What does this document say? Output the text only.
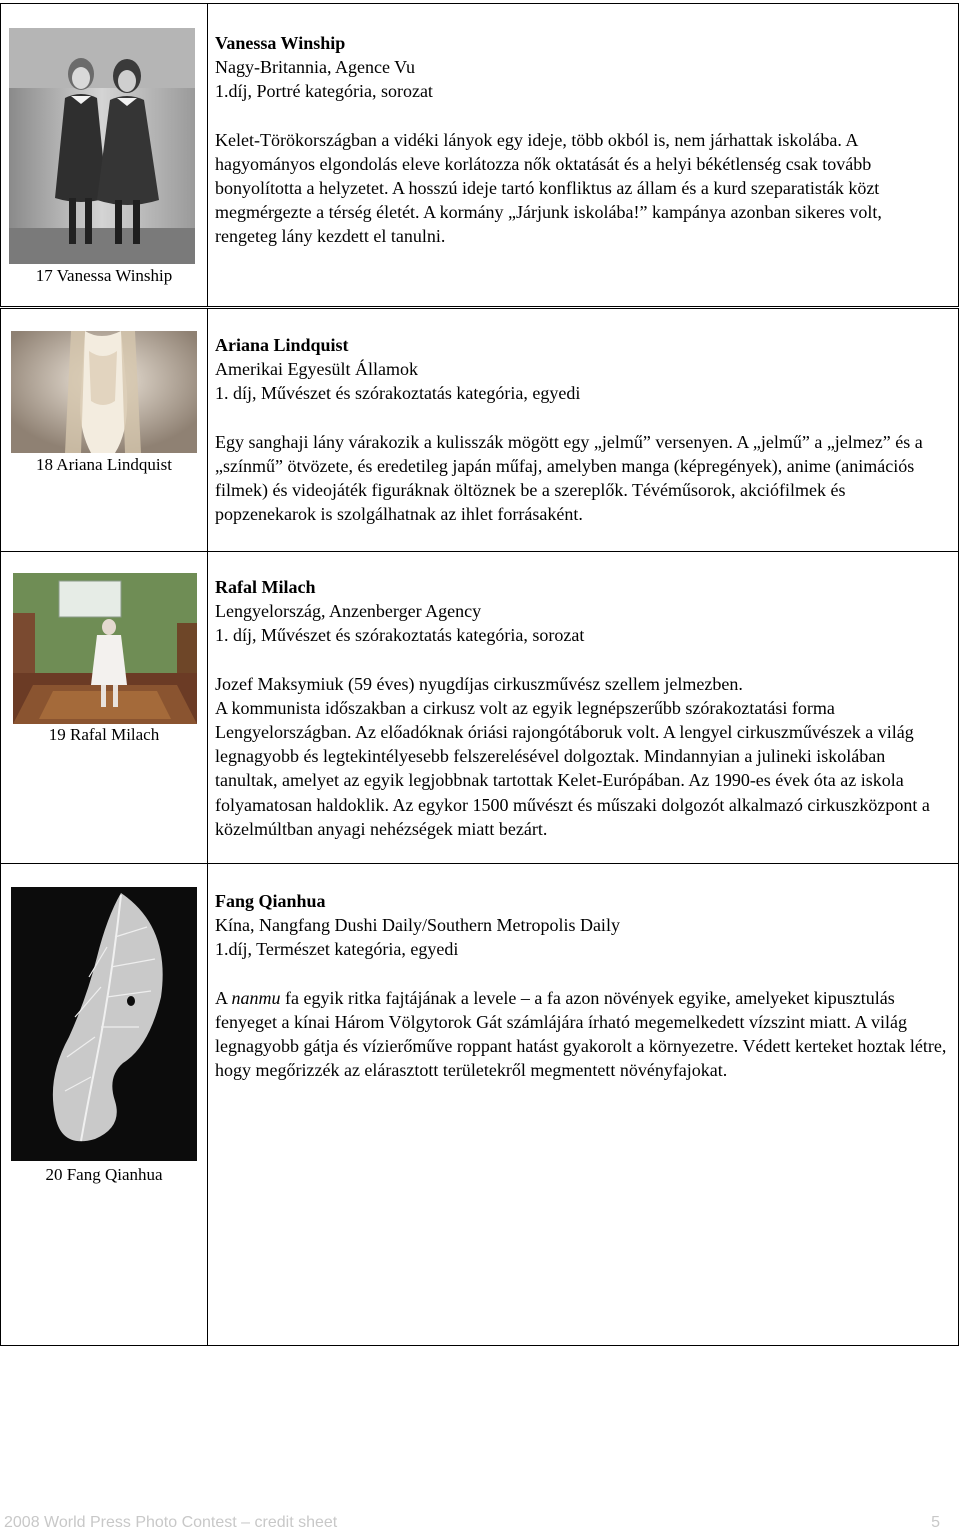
17 Vanessa Winship

Vanessa Winship

Nagy-Britannia, Agence Vu

1.díj, Portré kategória, sorozat

Kelet-Törökországban a vidéki lányok egy ideje, több okból is, nem járhattak iskolába. A hagyományos elgondolás eleve korlátozza nők oktatását és a helyi békétlenség csak tovább bonyolította a helyzetet. A hosszú ideje tartó konfliktus az állam és a kurd szeparatisták közt megmérgezte a térség életét. A kormány „Járjunk iskolába!” kampánya azonban sikeres volt, rengeteg lány kezdett el tanulni.

18 Ariana Lindquist

Ariana Lindquist

Amerikai Egyesült Államok

1. díj, Művészet és szórakoztatás kategória, egyedi

Egy sanghaji lány várakozik a kulisszák mögött egy „jelmű” versenyen. A „jelmű” a „jelmez” és a „színmű” ötvözete, és eredetileg japán műfaj, amelyben manga (képregények), anime (animációs filmek) és videojáték figuráknak öltöznek be a szereplők. Tévéműsorok, akciófilmek és popzenekarok is szolgálhatnak az ihlet forrásaként.

19 Rafal Milach

Rafal Milach

Lengyelország, Anzenberger Agency

1. díj, Művészet és szórakoztatás kategória, sorozat

Jozef Maksymiuk (59 éves) nyugdíjas cirkuszművész szellem jelmezben.

A kommunista időszakban a cirkusz volt az egyik legnépszerűbb szórakoztatási forma Lengyelországban. Az előadóknak óriási rajongótáboruk volt. A lengyel cirkuszművészek a világ legnagyobb és legtekintélyesebb felszerelésével dolgoztak. Mindannyian a julineki iskolában tanultak, amelyet az egyik legjobbnak tartottak Kelet-Európában. Az 1990-es évek óta az iskola folyamatosan haldoklik. Az egykor 1500 művészt és műszaki dolgozót alkalmazó cirkuszközpont a közelmúltban anyagi nehézségek miatt bezárt.

20 Fang Qianhua

Fang Qianhua

Kína, Nangfang Dushi Daily/Southern Metropolis Daily

1.díj, Természet kategória, egyedi

A nanmu fa egyik ritka fajtájának a levele – a fa azon növények egyike, amelyeket kipusztulás fenyeget a kínai Három Völgytorok Gát számlájára írható megemelkedett vízszint miatt. A világ legnagyobb gátja és vízierőműve roppant hatást gyakorolt a környezetre. Védett kerteket hoztak létre, hogy megőrizzék az elárasztott területekről megmentett növényfajokat.

2008 World Press Photo Contest – credit sheet	5
